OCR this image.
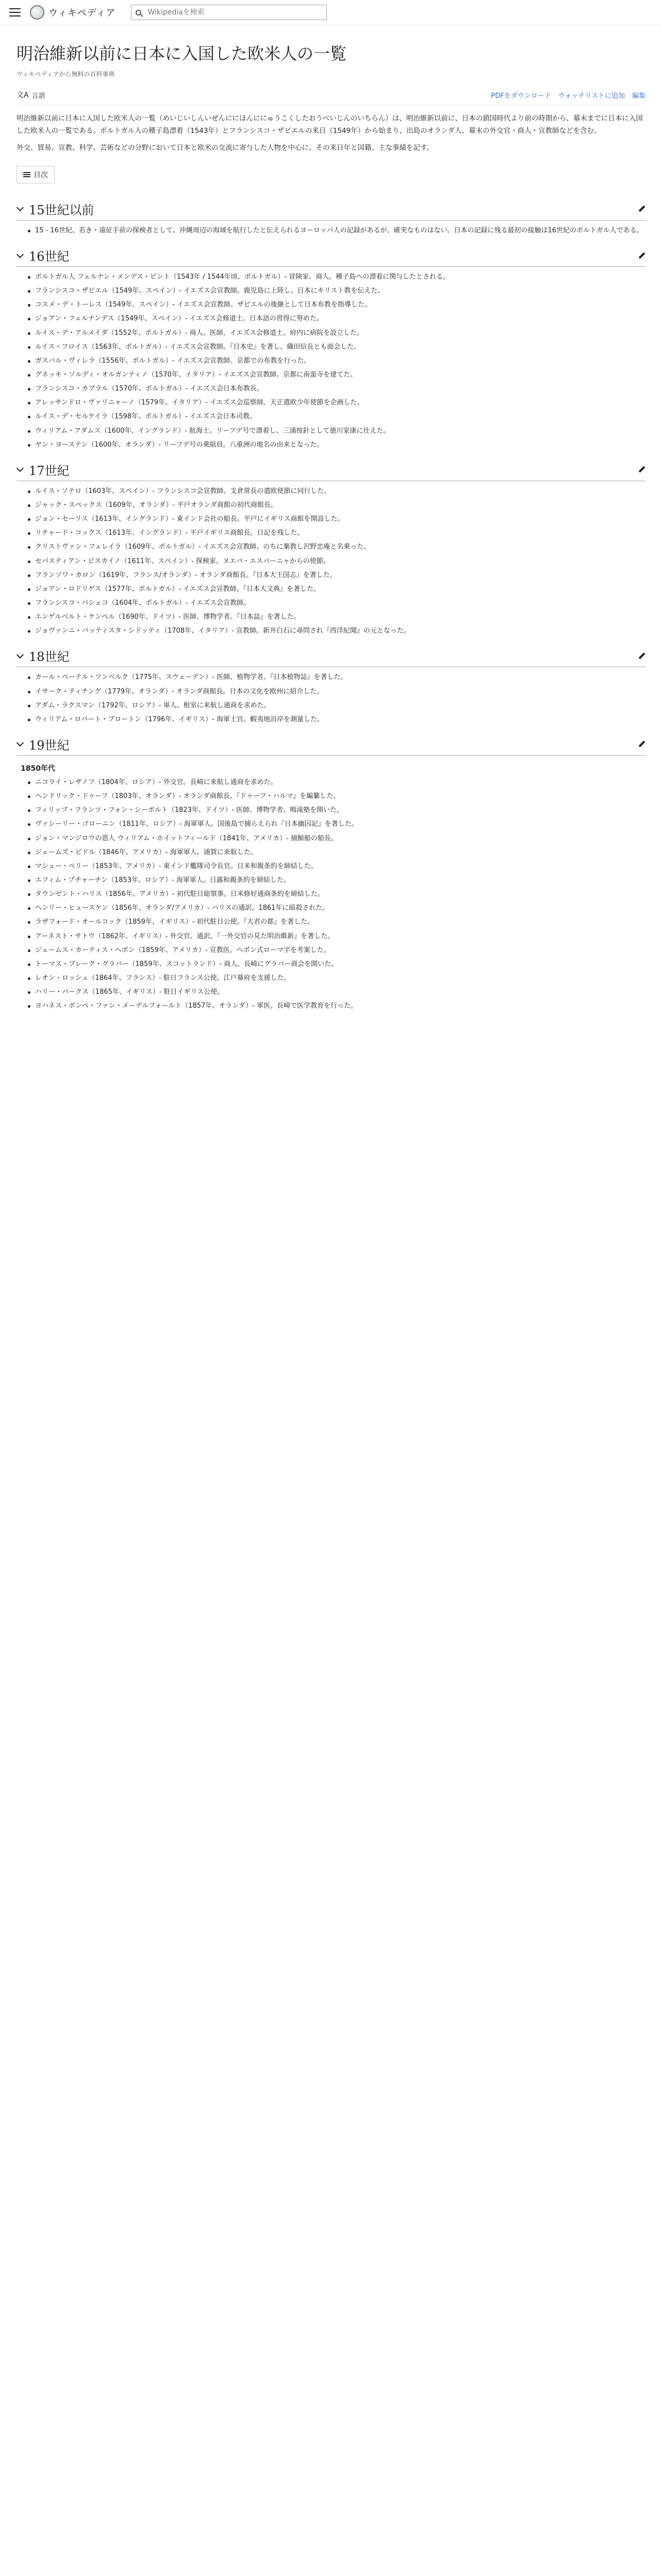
ウィキペディア
Wikipediaを検索
明治維新以前に日本に入国した欧米人の一覧
ウィキペディアから無料の百科事典
文A 言語	PDFをダウンロード ウォッチリストに追加 編集

明治維新以前に日本に入国した欧米人の一覧（めいじいしんいぜんににほんににゅうこくしたおうべいじんのいちらん）は、明治維新以前に、日本の鎖国時代より前の時期から、幕末までに日本に入国した欧米人の一覧である。ポルトガル人の種子島漂着（1543年）とフランシスコ・ザビエルの来日（1549年）から始まり、出島のオランダ人、幕末の外交官・商人・宣教師などを含む。

外交、貿易、宣教、科学、芸術などの分野において日本と欧米の交流に寄与した人物を中心に、その来日年と国籍、主な事績を記す。

目次
15世紀以前
15 - 16世紀、若き・遠征手前の探検者として、沖縄周辺の海域を航行したと伝えられるヨーロッパ人の記録があるが、確実なものはない。日本の記録に残る最初の接触は16世紀のポルトガル人である。
16世紀
ポルトガル人 フェルナン・メンデス・ピント（1543年 / 1544年頃、ポルトガル）- 冒険家、商人。種子島への漂着に関与したとされる。
フランシスコ・ザビエル（1549年、スペイン）- イエズス会宣教師。鹿児島に上陸し、日本にキリスト教を伝えた。
コスメ・デ・トーレス（1549年、スペイン）- イエズス会宣教師。ザビエルの後継として日本布教を指導した。
ジョアン・フェルナンデス（1549年、スペイン）- イエズス会修道士。日本語の習得に努めた。
ルイス・デ・アルメイダ（1552年、ポルトガル）- 商人、医師、イエズス会修道士。府内に病院を設立した。
ルイス・フロイス（1563年、ポルトガル）- イエズス会宣教師。『日本史』を著し、織田信長とも面会した。
ガスパル・ヴィレラ（1556年、ポルトガル）- イエズス会宣教師。京都での布教を行った。
グネッキ・ソルディ・オルガンティノ（1570年、イタリア）- イエズス会宣教師。京都に南蛮寺を建てた。
フランシスコ・カブラル（1570年、ポルトガル）- イエズス会日本布教長。
アレッサンドロ・ヴァリニャーノ（1579年、イタリア）- イエズス会巡察師。天正遣欧少年使節を企画した。
ルイス・デ・セルケイラ（1598年、ポルトガル）- イエズス会日本司教。
ウィリアム・アダムス（1600年、イングランド）- 航海士。リーフデ号で漂着し、三浦按針として徳川家康に仕えた。
ヤン・ヨーステン（1600年、オランダ）- リーフデ号の乗組員。八重洲の地名の由来となった。
17世紀
ルイス・ソテロ（1603年、スペイン）- フランシスコ会宣教師。支倉常長の遣欧使節に同行した。
ジャック・スペックス（1609年、オランダ）- 平戸オランダ商館の初代商館長。
ジョン・セーリス（1613年、イングランド）- 東インド会社の船長。平戸にイギリス商館を開設した。
リチャード・コックス（1613年、イングランド）- 平戸イギリス商館長。日記を残した。
クリストヴァン・フェレイラ（1609年、ポルトガル）- イエズス会宣教師。のちに棄教し沢野忠庵と名乗った。
セバスティアン・ビスカイノ（1611年、スペイン）- 探検家。ヌエバ・エスパーニャからの使節。
フランソワ・カロン（1619年、フランス/オランダ）- オランダ商館長。『日本大王国志』を著した。
ジョアン・ロドリゲス（1577年、ポルトガル）- イエズス会宣教師。『日本大文典』を著した。
フランシスコ・パシェコ（1604年、ポルトガル）- イエズス会宣教師。
エンゲルベルト・ケンペル（1690年、ドイツ）- 医師、博物学者。『日本誌』を著した。
ジョヴァンニ・バッティスタ・シドッティ（1708年、イタリア）- 宣教師。新井白石に尋問され『西洋紀聞』の元となった。
18世紀
カール・ペーテル・ツンベルク（1775年、スウェーデン）- 医師、植物学者。『日本植物誌』を著した。
イサーク・ティチング（1779年、オランダ）- オランダ商館長。日本の文化を欧州に紹介した。
アダム・ラクスマン（1792年、ロシア）- 軍人。根室に来航し通商を求めた。
ウィリアム・ロバート・ブロートン（1796年、イギリス）- 海軍士官。蝦夷地沿岸を測量した。
19世紀
1850年代
ニコライ・レザノフ（1804年、ロシア）- 外交官。長崎に来航し通商を求めた。
ヘンドリック・ドゥーフ（1803年、オランダ）- オランダ商館長。『ドゥーフ・ハルマ』を編纂した。
フィリップ・フランツ・フォン・シーボルト（1823年、ドイツ）- 医師、博物学者。鳴滝塾を開いた。
ヴァシーリー・ゴローニン（1811年、ロシア）- 海軍軍人。国後島で捕らえられ『日本幽囚記』を著した。
ジョン・マンジロウの恩人 ウィリアム・ホイットフィールド（1841年、アメリカ）- 捕鯨船の船長。
ジェームズ・ビドル（1846年、アメリカ）- 海軍軍人。浦賀に来航した。
マシュー・ペリー（1853年、アメリカ）- 東インド艦隊司令長官。日米和親条約を締結した。
エフィム・プチャーチン（1853年、ロシア）- 海軍軍人。日露和親条約を締結した。
タウンゼント・ハリス（1856年、アメリカ）- 初代駐日総領事。日米修好通商条約を締結した。
ヘンリー・ヒュースケン（1856年、オランダ/アメリカ）- ハリスの通訳。1861年に暗殺された。
ラザフォード・オールコック（1859年、イギリス）- 初代駐日公使。『大君の都』を著した。
アーネスト・サトウ（1862年、イギリス）- 外交官、通訳。『一外交官の見た明治維新』を著した。
ジェームス・カーティス・ヘボン（1859年、アメリカ）- 宣教医。ヘボン式ローマ字を考案した。
トーマス・ブレーク・グラバー（1859年、スコットランド）- 商人。長崎にグラバー商会を開いた。
レオン・ロッシュ（1864年、フランス）- 駐日フランス公使。江戸幕府を支援した。
ハリー・パークス（1865年、イギリス）- 駐日イギリス公使。
ヨハネス・ポンペ・ファン・メーデルフォールト（1857年、オランダ）- 軍医。長崎で医学教育を行った。
